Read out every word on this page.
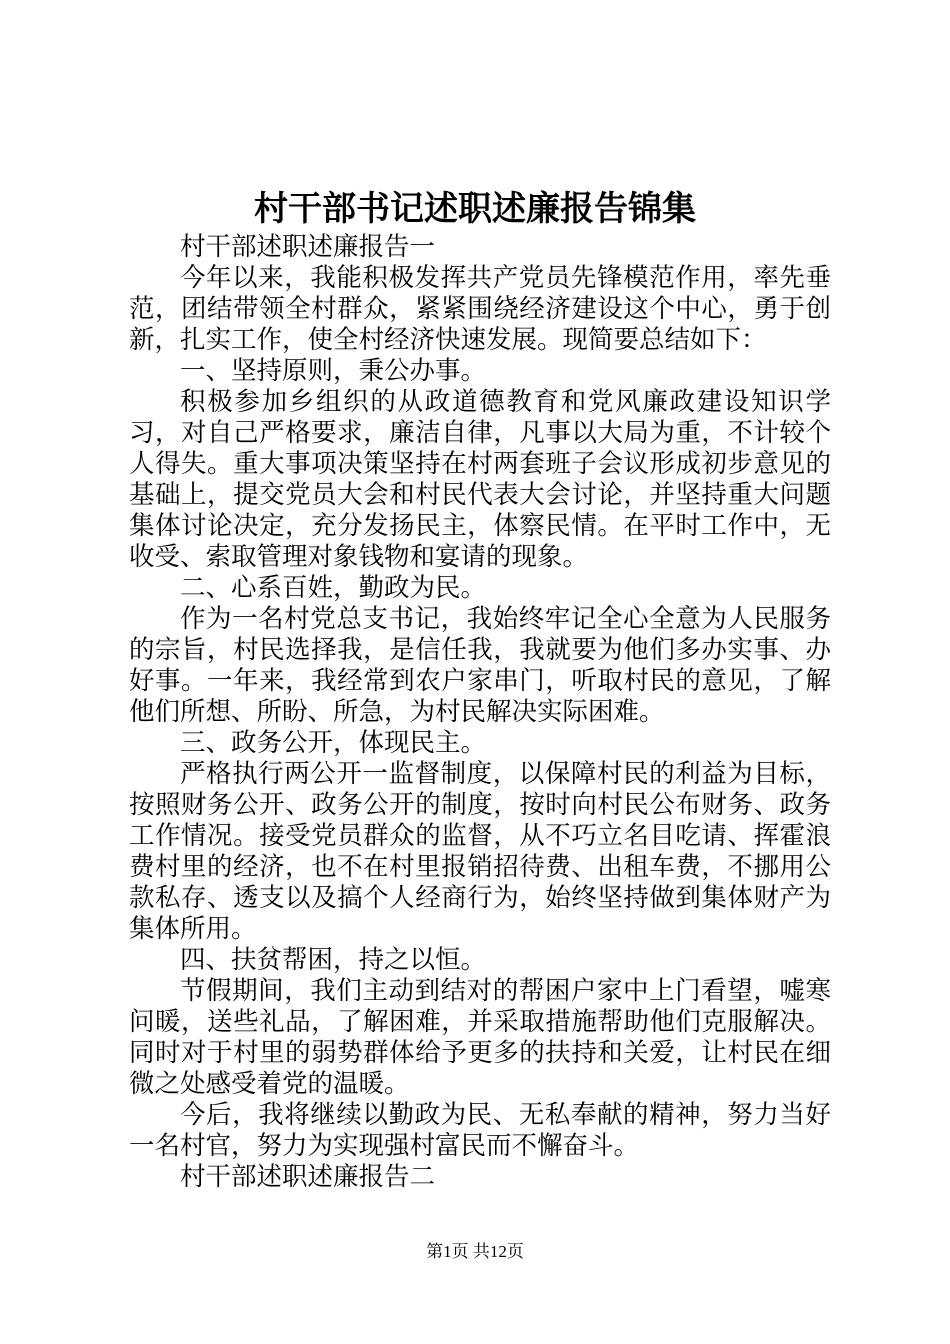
村干部书记述职述廉报告锦集

村干部述职述廉报告一

今年以来，我能积极发挥共产党员先锋模范作用，率先垂范，团结带领全村群众，紧紧围绕经济建设这个中心，勇于创新，扎实工作，使全村经济快速发展。现简要总结如下：

一、坚持原则，秉公办事。

积极参加乡组织的从政道德教育和党风廉政建设知识学习，对自己严格要求，廉洁自律，凡事以大局为重，不计较个人得失。重大事项决策坚持在村两套班子会议形成初步意见的基础上，提交党员大会和村民代表大会讨论，并坚持重大问题集体讨论决定，充分发扬民主，体察民情。在平时工作中，无收受、索取管理对象钱物和宴请的现象。

二、心系百姓，勤政为民。

作为一名村党总支书记，我始终牢记全心全意为人民服务的宗旨，村民选择我，是信任我，我就要为他们多办实事、办好事。一年来，我经常到农户家串门，听取村民的意见，了解他们所想、所盼、所急，为村民解决实际困难。

三、政务公开，体现民主。

严格执行两公开一监督制度，以保障村民的利益为目标，按照财务公开、政务公开的制度，按时向村民公布财务、政务工作情况。接受党员群众的监督，从不巧立名目吃请、挥霍浪费村里的经济，也不在村里报销招待费、出租车费，不挪用公款私存、透支以及搞个人经商行为，始终坚持做到集体财产为集体所用。

四、扶贫帮困，持之以恒。

节假期间，我们主动到结对的帮困户家中上门看望，嘘寒问暖，送些礼品，了解困难，并采取措施帮助他们克服解决。同时对于村里的弱势群体给予更多的扶持和关爱，让村民在细微之处感受着党的温暖。

今后，我将继续以勤政为民、无私奉献的精神，努力当好一名村官，努力为实现强村富民而不懈奋斗。

村干部述职述廉报告二

第1页 共12页
